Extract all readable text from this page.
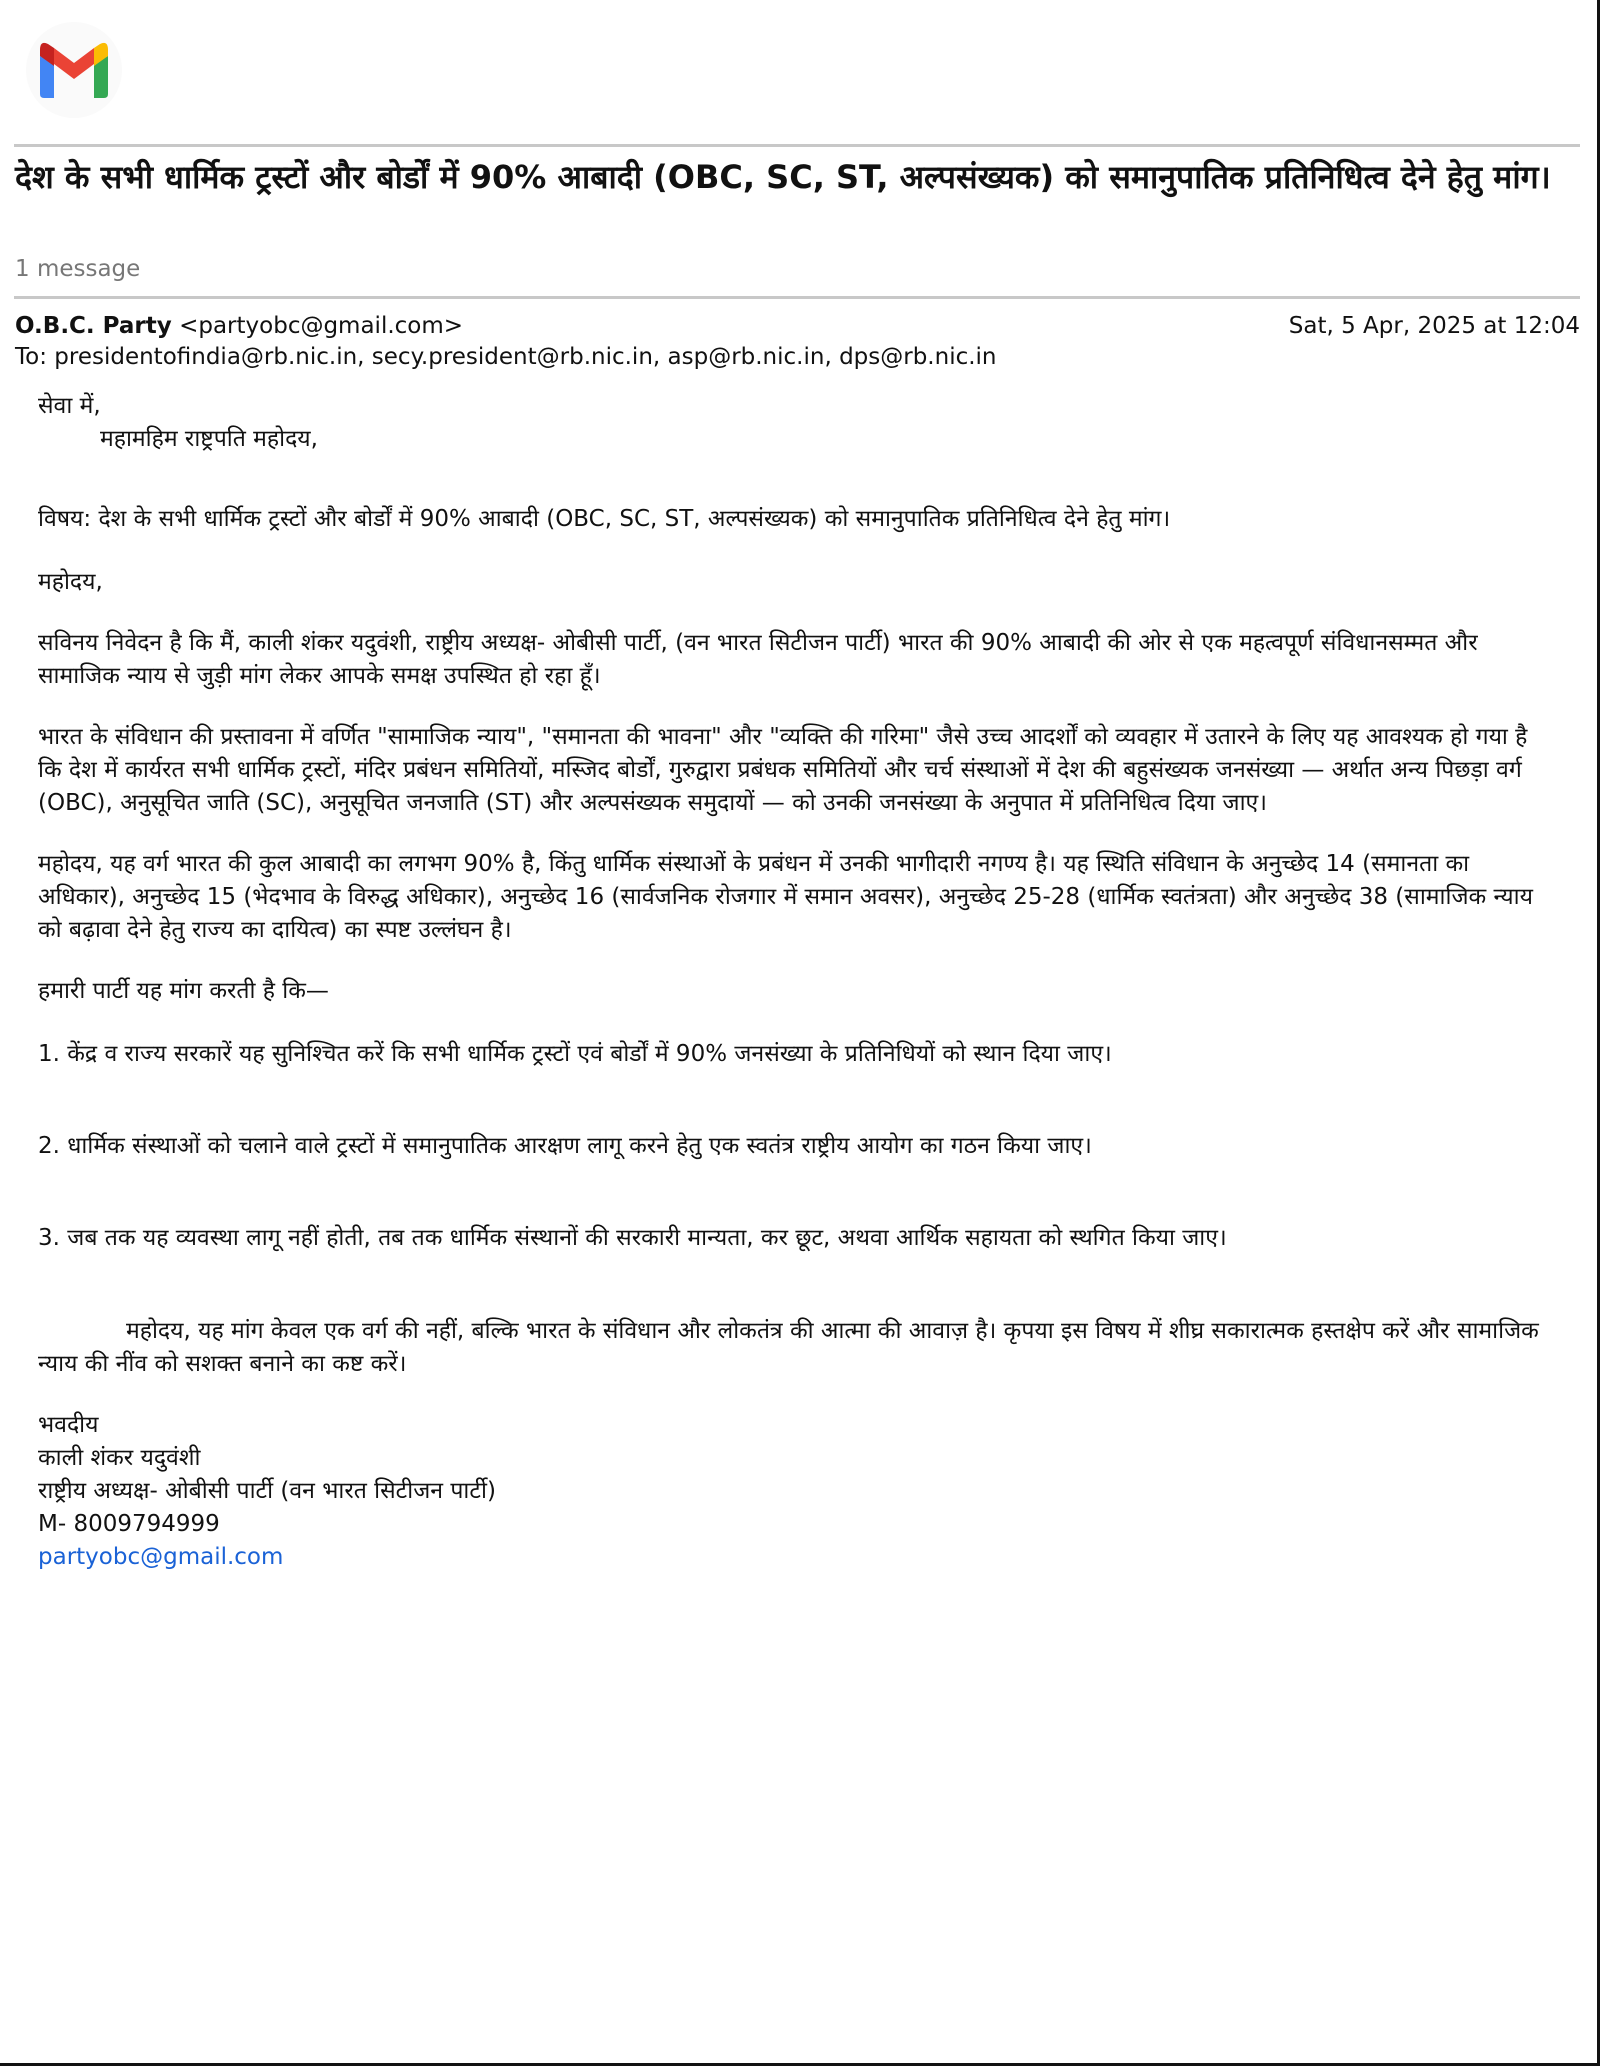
देश के सभी धार्मिक ट्रस्टों और बोर्डों में 90% आबादी (OBC, SC, ST, अल्पसंख्यक) को समानुपातिक प्रतिनिधित्व देने हेतु मांग।
1 message
O.B.C. Party <partyobc@gmail.com>	Sat, 5 Apr, 2025 at 12:04
To: presidentofindia@rb.nic.in, secy.president@rb.nic.in, asp@rb.nic.in, dps@rb.nic.in

सेवा में,

महामहिम राष्ट्रपति महोदय,

विषय: देश के सभी धार्मिक ट्रस्टों और बोर्डों में 90% आबादी (OBC, SC, ST, अल्पसंख्यक) को समानुपातिक प्रतिनिधित्व देने हेतु मांग।

महोदय,

सविनय निवेदन है कि मैं, काली शंकर यदुवंशी, राष्ट्रीय अध्यक्ष- ओबीसी पार्टी, (वन भारत सिटीजन पार्टी) भारत की 90% आबादी की ओर से एक महत्वपूर्ण संविधानसम्मत और सामाजिक न्याय से जुड़ी मांग लेकर आपके समक्ष उपस्थित हो रहा हूँ।

भारत के संविधान की प्रस्तावना में वर्णित "सामाजिक न्याय", "समानता की भावना" और "व्यक्ति की गरिमा" जैसे उच्च आदर्शों को व्यवहार में उतारने के लिए यह आवश्यक हो गया है कि देश में कार्यरत सभी धार्मिक ट्रस्टों, मंदिर प्रबंधन समितियों, मस्जिद बोर्डों, गुरुद्वारा प्रबंधक समितियों और चर्च संस्थाओं में देश की बहुसंख्यक जनसंख्या — अर्थात अन्य पिछड़ा वर्ग (OBC), अनुसूचित जाति (SC), अनुसूचित जनजाति (ST) और अल्पसंख्यक समुदायों — को उनकी जनसंख्या के अनुपात में प्रतिनिधित्व दिया जाए।

महोदय, यह वर्ग भारत की कुल आबादी का लगभग 90% है, किंतु धार्मिक संस्थाओं के प्रबंधन में उनकी भागीदारी नगण्य है। यह स्थिति संविधान के अनुच्छेद 14 (समानता का अधिकार), अनुच्छेद 15 (भेदभाव के विरुद्ध अधिकार), अनुच्छेद 16 (सार्वजनिक रोजगार में समान अवसर), अनुच्छेद 25-28 (धार्मिक स्वतंत्रता) और अनुच्छेद 38 (सामाजिक न्याय को बढ़ावा देने हेतु राज्य का दायित्व) का स्पष्ट उल्लंघन है।

हमारी पार्टी यह मांग करती है कि—

1. केंद्र व राज्य सरकारें यह सुनिश्चित करें कि सभी धार्मिक ट्रस्टों एवं बोर्डों में 90% जनसंख्या के प्रतिनिधियों को स्थान दिया जाए।

2. धार्मिक संस्थाओं को चलाने वाले ट्रस्टों में समानुपातिक आरक्षण लागू करने हेतु एक स्वतंत्र राष्ट्रीय आयोग का गठन किया जाए।

3. जब तक यह व्यवस्था लागू नहीं होती, तब तक धार्मिक संस्थानों की सरकारी मान्यता, कर छूट, अथवा आर्थिक सहायता को स्थगित किया जाए।

महोदय, यह मांग केवल एक वर्ग की नहीं, बल्कि भारत के संविधान और लोकतंत्र की आत्मा की आवाज़ है। कृपया इस विषय में शीघ्र सकारात्मक हस्तक्षेप करें और सामाजिक न्याय की नींव को सशक्त बनाने का कष्ट करें।

भवदीय

काली शंकर यदुवंशी

राष्ट्रीय अध्यक्ष- ओबीसी पार्टी (वन भारत सिटीजन पार्टी)

M- 8009794999

partyobc@gmail.com
